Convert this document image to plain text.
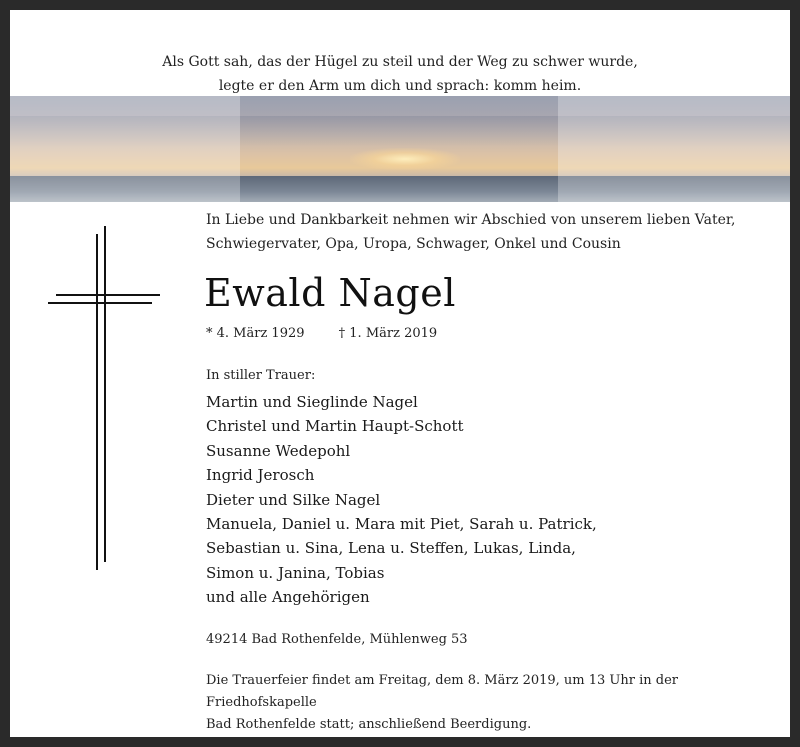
Als Gott sah, das der Hügel zu steil und der Weg zu schwer wurde,
legte er den Arm um dich und sprach: komm heim.
In Liebe und Dankbarkeit nehmen wir Abschied von unserem lieben Vater,
Schwiegervater, Opa, Uropa, Schwager, Onkel und Cousin
Ewald Nagel
* 4. März 1929	† 1. März 2019
In stiller Trauer:
Martin und Sieglinde Nagel
Christel und Martin Haupt-Schott
Susanne Wedepohl
Ingrid Jerosch
Dieter und Silke Nagel
Manuela, Daniel u. Mara mit Piet, Sarah u. Patrick,
Sebastian u. Sina, Lena u. Steffen, Lukas, Linda,
Simon u. Janina, Tobias
und alle Angehörigen
49214 Bad Rothenfelde, Mühlenweg 53
Die Trauerfeier findet am Freitag, dem 8. März 2019, um 13 Uhr in der Friedhofskapelle
Bad Rothenfelde statt; anschließend Beerdigung.
